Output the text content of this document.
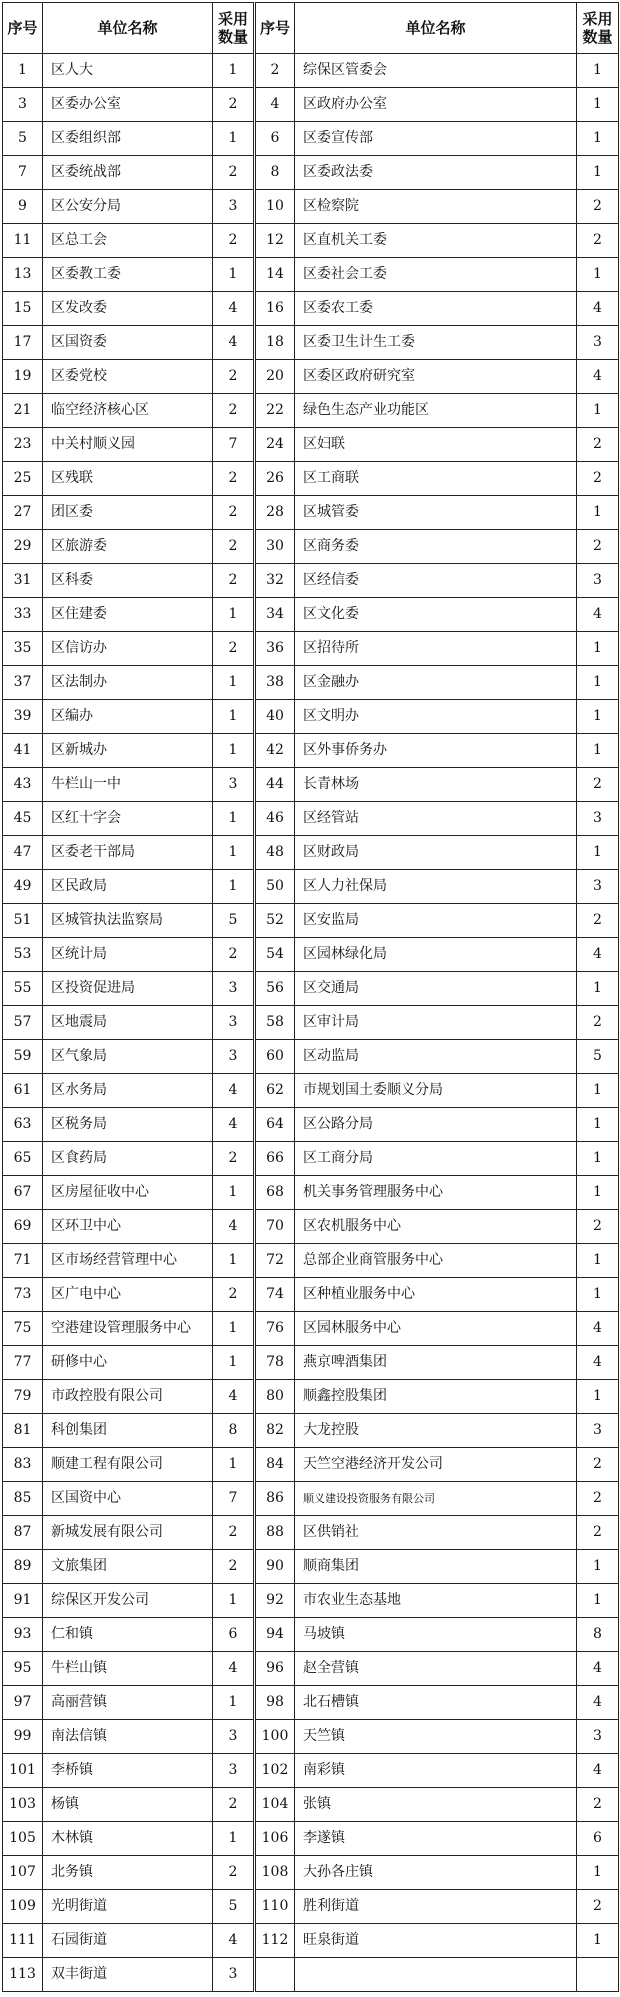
序号	单位名称	采用数量	序号	单位名称	采用数量
1	区人大	1	2	综保区管委会	1
3	区委办公室	2	4	区政府办公室	1
5	区委组织部	1	6	区委宣传部	1
7	区委统战部	2	8	区委政法委	1
9	区公安分局	3	10	区检察院	2
11	区总工会	2	12	区直机关工委	2
13	区委教工委	1	14	区委社会工委	1
15	区发改委	4	16	区委农工委	4
17	区国资委	4	18	区委卫生计生工委	3
19	区委党校	2	20	区委区政府研究室	4
21	临空经济核心区	2	22	绿色生态产业功能区	1
23	中关村顺义园	7	24	区妇联	2
25	区残联	2	26	区工商联	2
27	团区委	2	28	区城管委	1
29	区旅游委	2	30	区商务委	2
31	区科委	2	32	区经信委	3
33	区住建委	1	34	区文化委	4
35	区信访办	2	36	区招待所	1
37	区法制办	1	38	区金融办	1
39	区编办	1	40	区文明办	1
41	区新城办	1	42	区外事侨务办	1
43	牛栏山一中	3	44	长青林场	2
45	区红十字会	1	46	区经管站	3
47	区委老干部局	1	48	区财政局	1
49	区民政局	1	50	区人力社保局	3
51	区城管执法监察局	5	52	区安监局	2
53	区统计局	2	54	区园林绿化局	4
55	区投资促进局	3	56	区交通局	1
57	区地震局	3	58	区审计局	2
59	区气象局	3	60	区动监局	5
61	区水务局	4	62	市规划国土委顺义分局	1
63	区税务局	4	64	区公路分局	1
65	区食药局	2	66	区工商分局	1
67	区房屋征收中心	1	68	机关事务管理服务中心	1
69	区环卫中心	4	70	区农机服务中心	2
71	区市场经营管理中心	1	72	总部企业商管服务中心	1
73	区广电中心	2	74	区种植业服务中心	1
75	空港建设管理服务中心	1	76	区园林服务中心	4
77	研修中心	1	78	燕京啤酒集团	4
79	市政控股有限公司	4	80	顺鑫控股集团	1
81	科创集团	8	82	大龙控股	3
83	顺建工程有限公司	1	84	天竺空港经济开发公司	2
85	区国资中心	7	86	顺义建设投资服务有限公司	2
87	新城发展有限公司	2	88	区供销社	2
89	文旅集团	2	90	顺商集团	1
91	综保区开发公司	1	92	市农业生态基地	1
93	仁和镇	6	94	马坡镇	8
95	牛栏山镇	4	96	赵全营镇	4
97	高丽营镇	1	98	北石槽镇	4
99	南法信镇	3	100	天竺镇	3
101	李桥镇	3	102	南彩镇	4
103	杨镇	2	104	张镇	2
105	木林镇	1	106	李遂镇	6
107	北务镇	2	108	大孙各庄镇	1
109	光明街道	5	110	胜利街道	2
111	石园街道	4	112	旺泉街道	1
113	双丰街道	3			
